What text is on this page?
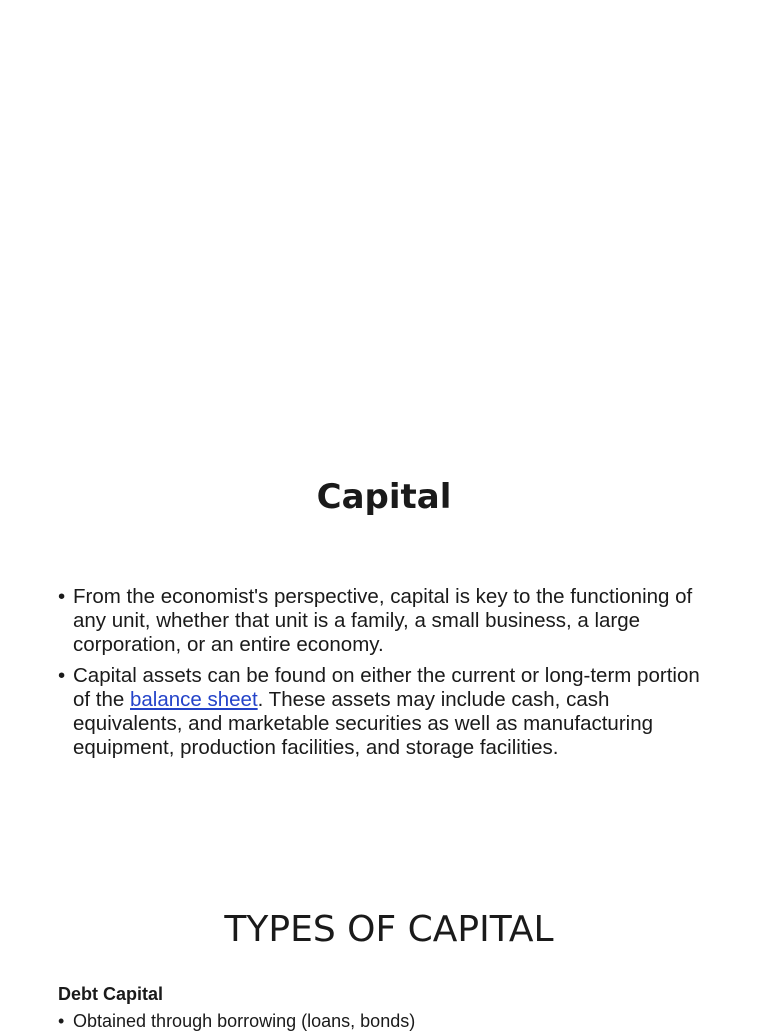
Capital
• From the economist's perspective, capital is key to the functioning of any unit, whether that unit is a family, a small business, a large corporation, or an entire economy.
• Capital assets can be found on either the current or long-term portion of the balance sheet. These assets may include cash, cash equivalents, and marketable securities as well as manufacturing equipment, production facilities, and storage facilities.
TYPES OF CAPITAL
Debt Capital
• Obtained through borrowing (loans, bonds)
